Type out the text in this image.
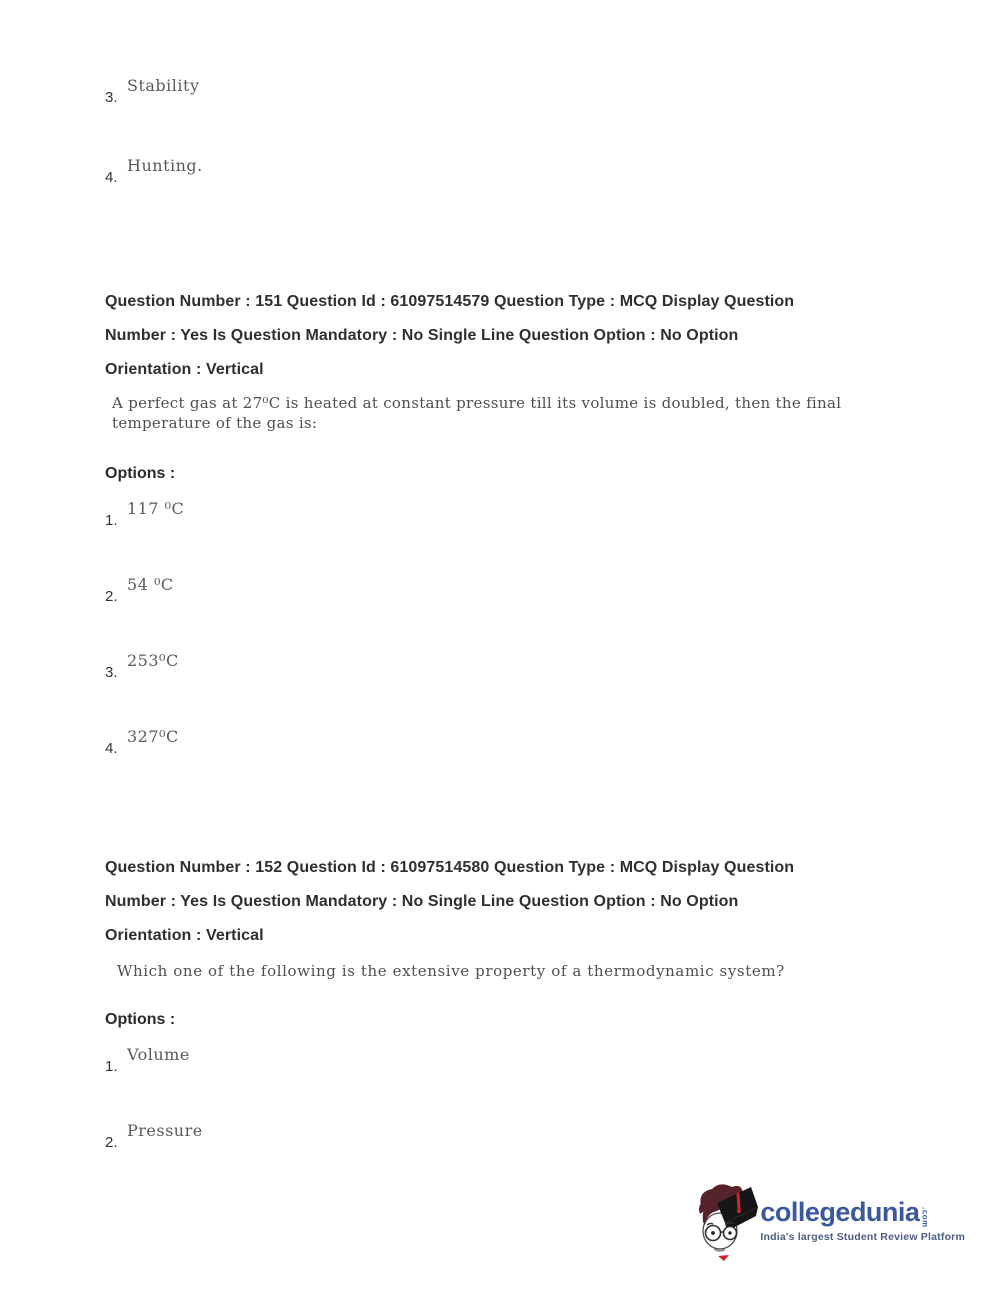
3.
Stability
4.
Hunting.
Question Number : 151 Question Id : 61097514579 Question Type : MCQ Display Question
Number : Yes Is Question Mandatory : No Single Line Question Option : No Option
Orientation : Vertical
A perfect gas at 27⁰C is heated at constant pressure till its volume is doubled, then the final temperature of the gas is:
Options :
1.
117 ⁰C
2.
54 ⁰C
3.
253⁰C
4.
327⁰C
Question Number : 152 Question Id : 61097514580 Question Type : MCQ Display Question
Number : Yes Is Question Mandatory : No Single Line Question Option : No Option
Orientation : Vertical
Which one of the following is the extensive property of a thermodynamic system?
Options :
1.
Volume
2.
Pressure
collegedunia .com
India's largest Student Review Platform
